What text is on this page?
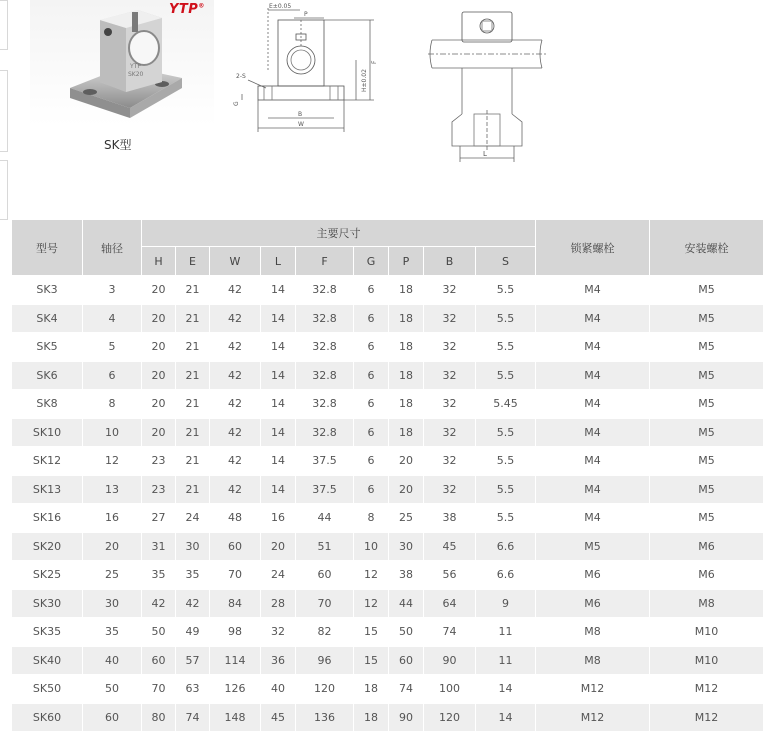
YTP
SK20
YTP®
SK型
E±0.05
P
2-S
G
B
W
H±0.02
F
L
型号	轴径	主要尺寸									锁紧螺栓	安装螺栓
		H	E	W	L	F	G	P	B	S		
SK3	3	20	21	42	14	32.8	6	18	32	5.5	M4	M5
SK4	4	20	21	42	14	32.8	6	18	32	5.5	M4	M5
SK5	5	20	21	42	14	32.8	6	18	32	5.5	M4	M5
SK6	6	20	21	42	14	32.8	6	18	32	5.5	M4	M5
SK8	8	20	21	42	14	32.8	6	18	32	5.45	M4	M5
SK10	10	20	21	42	14	32.8	6	18	32	5.5	M4	M5
SK12	12	23	21	42	14	37.5	6	20	32	5.5	M4	M5
SK13	13	23	21	42	14	37.5	6	20	32	5.5	M4	M5
SK16	16	27	24	48	16	44	8	25	38	5.5	M4	M5
SK20	20	31	30	60	20	51	10	30	45	6.6	M5	M6
SK25	25	35	35	70	24	60	12	38	56	6.6	M6	M6
SK30	30	42	42	84	28	70	12	44	64	9	M6	M8
SK35	35	50	49	98	32	82	15	50	74	11	M8	M10
SK40	40	60	57	114	36	96	15	60	90	11	M8	M10
SK50	50	70	63	126	40	120	18	74	100	14	M12	M12
SK60	60	80	74	148	45	136	18	90	120	14	M12	M12
